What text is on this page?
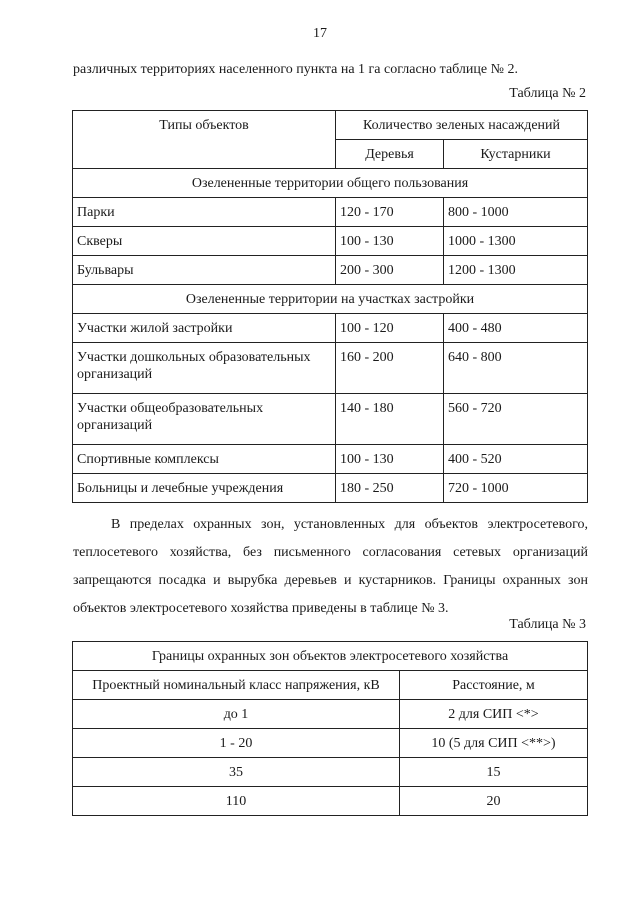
17
различных территориях населенного пункта на 1 га согласно таблице № 2.
Таблица № 2
Типы объектов	Количество зеленых насаждений	
	Деревья	Кустарники
Озелененные территории общего пользования		
Парки	120 - 170	800 - 1000
Скверы	100 - 130	1000 - 1300
Бульвары	200 - 300	1200 - 1300
Озелененные территории на участках застройки		
Участки жилой застройки	100 - 120	400 - 480
Участки дошкольных образовательных организаций	160 - 200	640 - 800
Участки общеобразовательных организаций	140 - 180	560 - 720
Спортивные комплексы	100 - 130	400 - 520
Больницы и лечебные учреждения	180 - 250	720 - 1000
В пределах охранных зон, установленных для объектов электросетевого, теплосетевого хозяйства, без письменного согласования сетевых организаций запрещаются посадка и вырубка деревьев и кустарников. Границы охранных зон объектов электросетевого хозяйства приведены в таблице № 3.
Таблица № 3
Границы охранных зон объектов электросетевого хозяйства	
Проектный номинальный класс напряжения, кВ	Расстояние, м
до 1	2 для СИП <*>
1 - 20	10 (5 для СИП <**>)
35	15
110	20
